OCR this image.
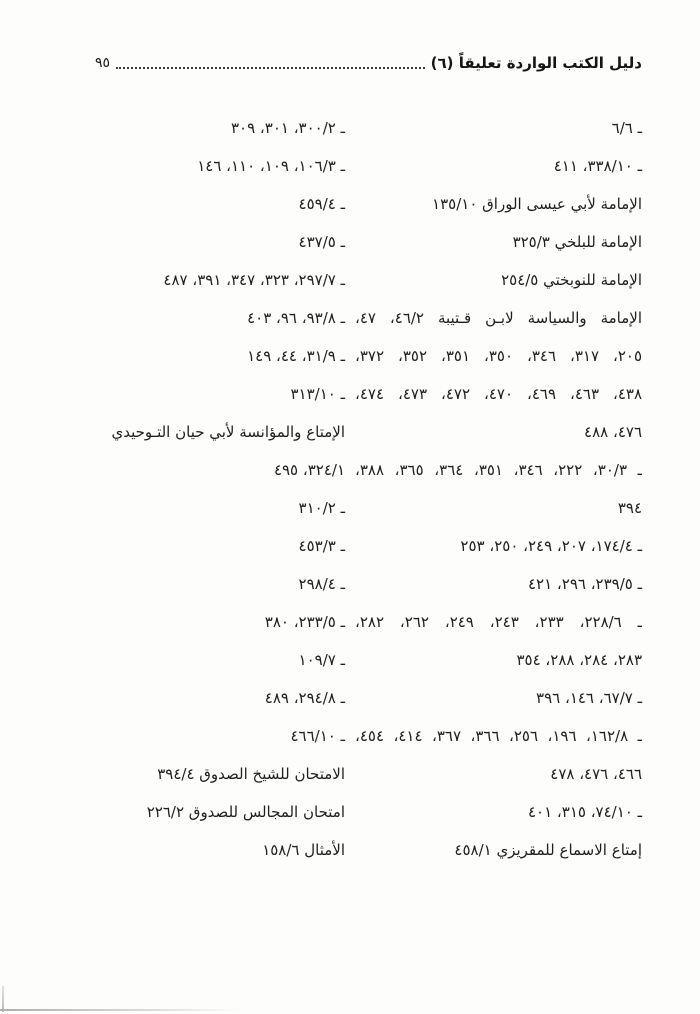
دليل الكتب الواردة تعليقاً (٦)
٩٥
ـ ٦/٦
ـ ٣٣٨/١٠، ٤١١
الإمامة لأبي عيسى الوراق ١٣٥/١٠
الإمامة للبلخي ٣٢٥/٣
الإمامة للنوبختي ٢٥٤/٥
الإمامة والسياسة لابـن قـتيبة ٤٦/٢، ٤٧،
٢٠٥، ٣١٧، ٣٤٦، ٣٥٠، ٣٥١، ٣٥٢، ٣٧٢،
٤٣٨، ٤٦٣، ٤٦٩، ٤٧٠، ٤٧٢، ٤٧٣، ٤٧٤،
٤٧٦، ٤٨٨
ـ ٣٠/٣، ٢٢٢، ٣٤٦، ٣٥١، ٣٦٤، ٣٦٥، ٣٨٨،
٣٩٤
ـ ١٧٤/٤، ٢٠٧، ٢٤٩، ٢٥٠، ٢٥٣
ـ ٢٣٩/٥، ٢٩٦، ٤٢١
ـ ٢٢٨/٦، ٢٣٣، ٢٤٣، ٢٤٩، ٢٦٢، ٢٨٢،
٢٨٣، ٢٨٤، ٢٨٨، ٣٥٤
ـ ٦٧/٧، ١٤٦، ٣٩٦
ـ ١٦٢/٨، ١٩٦، ٢٥٦، ٣٦٦، ٣٦٧، ٤١٤، ٤٥٤،
٤٦٦، ٤٧٦، ٤٧٨
ـ ٧٤/١٠، ٣١٥، ٤٠١
إمتاع الاسماع للمقريزي ٤٥٨/١
ـ ٣٠٠/٢، ٣٠١، ٣٠٩
ـ ١٠٦/٣، ١٠٩، ١١٠، ١٤٦
ـ ٤٥٩/٤
ـ ٤٣٧/٥
ـ ٢٩٧/٧، ٣٢٣، ٣٤٧، ٣٩١، ٤٨٧
ـ ٩٣/٨، ٩٦، ٤٠٣
ـ ٣١/٩، ٤٤، ١٤٩
ـ ٣١٣/١٠
الإمتاع والمؤانسة لأبي حيان التـوحيدي
٣٢٤/١، ٤٩٥
ـ ٣١٠/٢
ـ ٤٥٣/٣
ـ ٢٩٨/٤
ـ ٢٣٣/٥، ٣٨٠
ـ ١٠٩/٧
ـ ٢٩٤/٨، ٤٨٩
ـ ٤٦٦/١٠
الامتحان للشيخ الصدوق ٣٩٤/٤
امتحان المجالس للصدوق ٢٢٦/٢
الأمثال ١٥٨/٦
